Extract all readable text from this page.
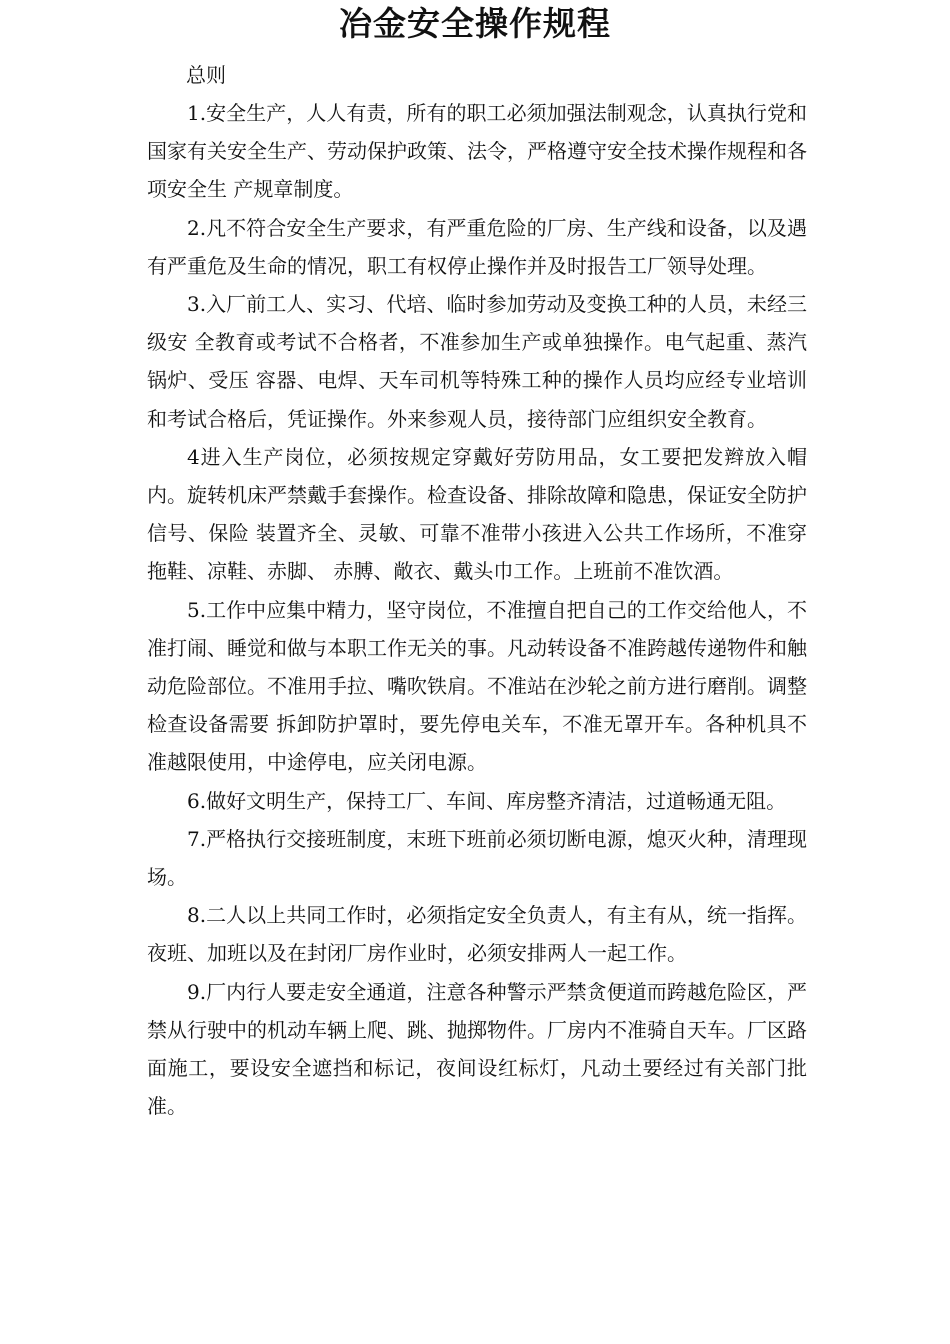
冶金安全操作规程
总则

1.安全生产，人人有责，所有的职工必须加强法制观念，认真执行党和国家有关安全生产、劳动保护政策、法令，严格遵守安全技术操作规程和各项安全生 产规章制度。

2.凡不符合安全生产要求，有严重危险的厂房、生产线和设备，以及遇有严重危及生命的情况，职工有权停止操作并及时报告工厂领导处理。

3.入厂前工人、实习、代培、临时参加劳动及变换工种的人员，未经三级安 全教育或考试不合格者，不准参加生产或单独操作。电气起重、蒸汽锅炉、受压 容器、电焊、天车司机等特殊工种的操作人员均应经专业培训和考试合格后，凭证操作。外来参观人员，接待部门应组织安全教育。

4进入生产岗位，必须按规定穿戴好劳防用品，女工要把发辫放入帽内。旋转机床严禁戴手套操作。检查设备、排除故障和隐患，保证安全防护信号、保险 装置齐全、灵敏、可靠不准带小孩进入公共工作场所，不准穿拖鞋、凉鞋、赤脚、 赤膊、敞衣、戴头巾工作。上班前不准饮酒。

5.工作中应集中精力，坚守岗位，不准擅自把自己的工作交给他人，不准打闹、睡觉和做与本职工作无关的事。凡动转设备不准跨越传递物件和触动危险部位。不准用手拉、嘴吹铁肩。不准站在沙轮之前方进行磨削。调整检查设备需要 拆卸防护罩时，要先停电关车，不准无罩开车。各种机具不准越限使用，中途停电，应关闭电源。

6.做好文明生产，保持工厂、车间、库房整齐清洁，过道畅通无阻。

7.严格执行交接班制度，末班下班前必须切断电源，熄灭火种，清理现场。

8.二人以上共同工作时，必须指定安全负责人，有主有从，统一指挥。夜班、加班以及在封闭厂房作业时，必须安排两人一起工作。

9.厂内行人要走安全通道，注意各种警示严禁贪便道而跨越危险区，严禁从行驶中的机动车辆上爬、跳、抛掷物件。厂房内不准骑自天车。厂区路面施工，要设安全遮挡和标记，夜间设红标灯，凡动土要经过有关部门批准。
